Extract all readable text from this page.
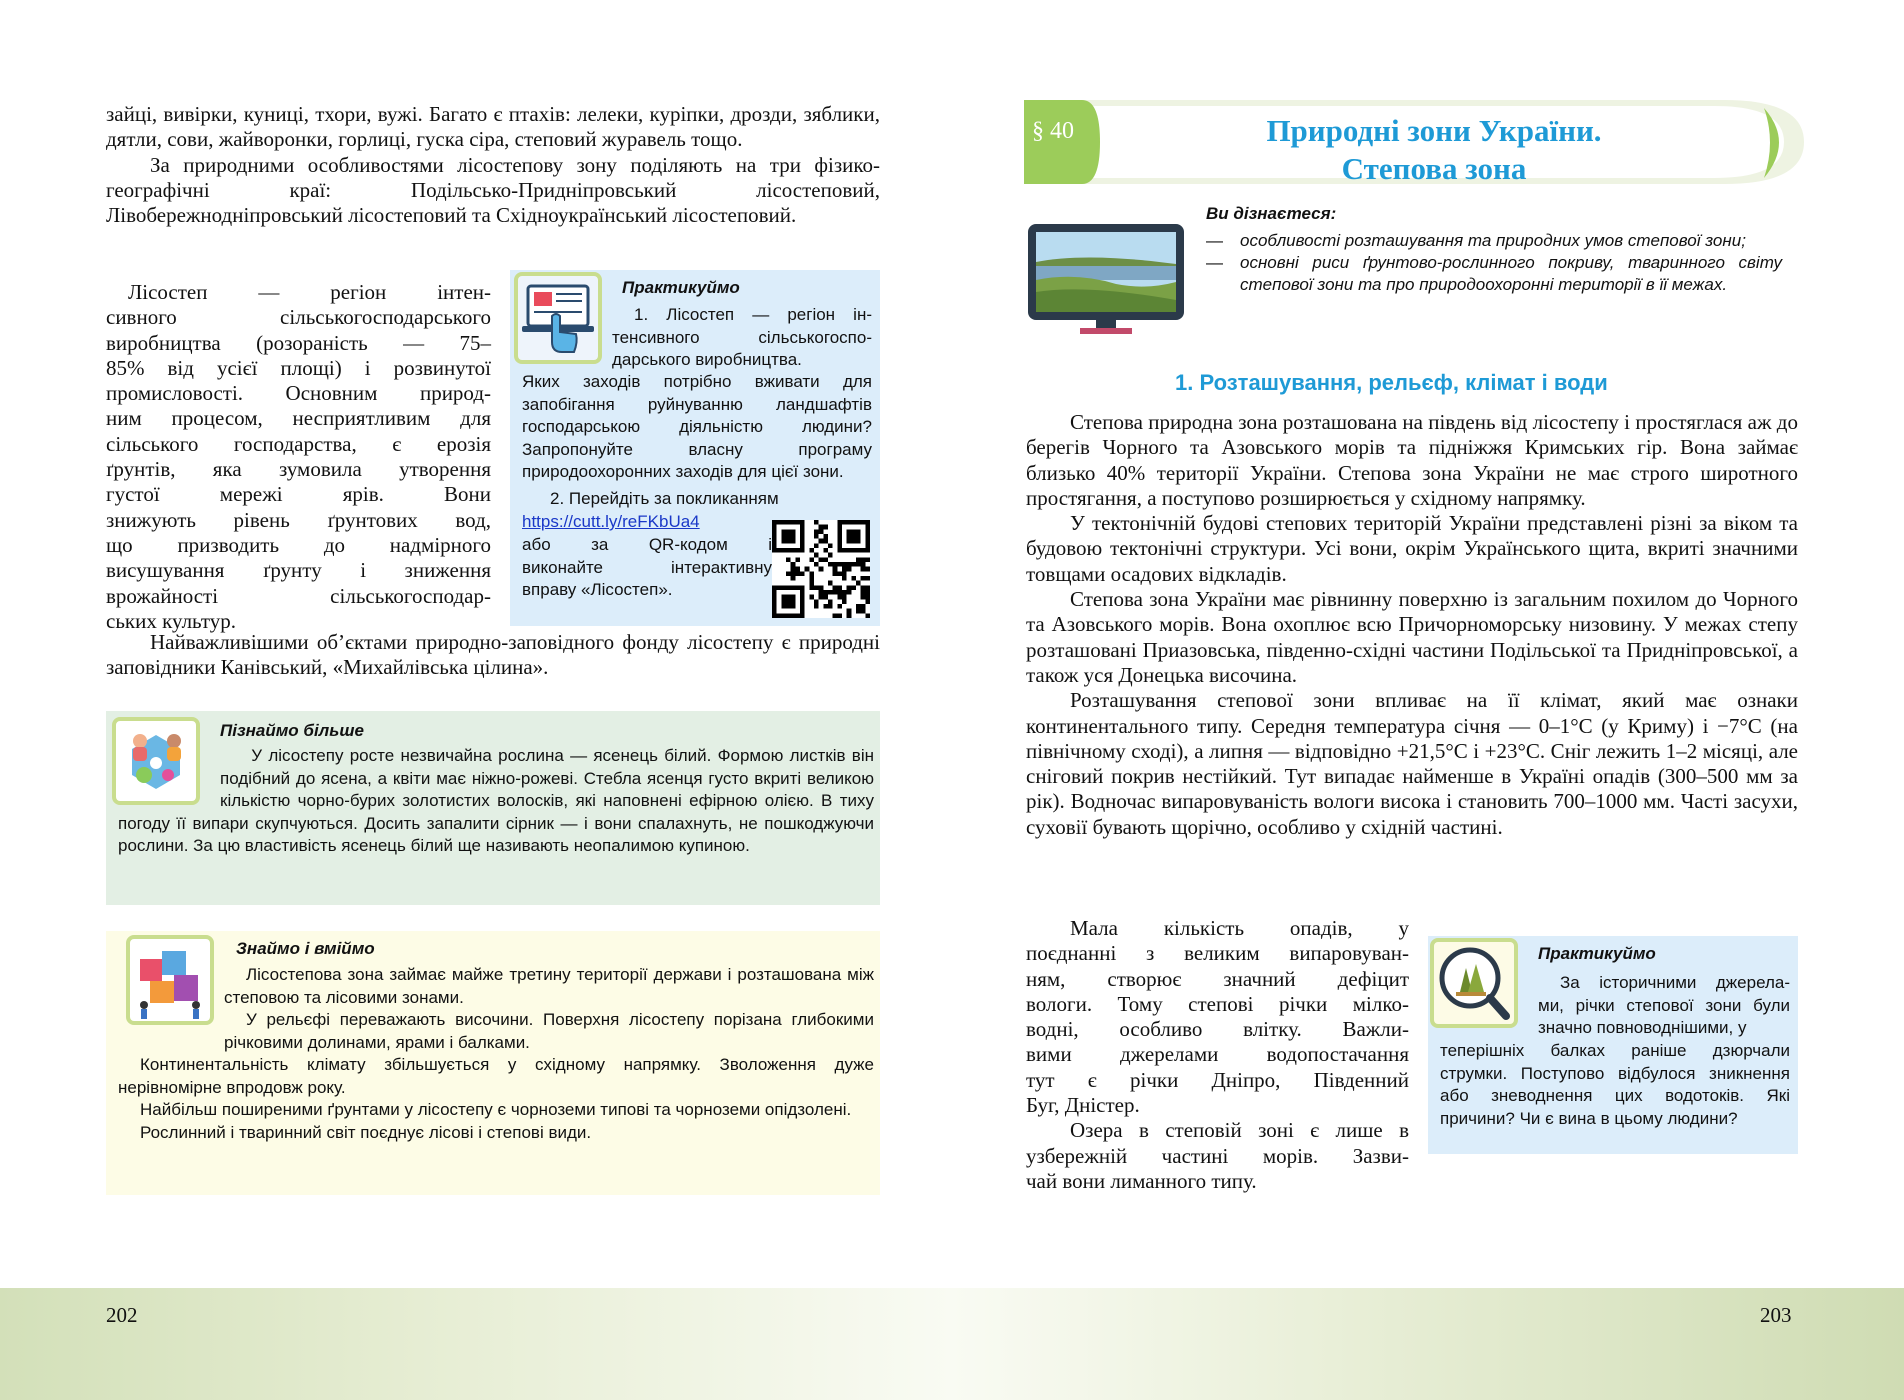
зайці, вивірки, куниці, тхори, вужі. Багато є птахів: лелеки, куріпки, дрозди, зяблики, дятли, сови, жайворонки, горлиці, гуска сіра, степовий журавель тощо.

За природними особливостями лісостепову зону поділяють на три фізико-географічні краї: Подільсько-Придніпровський лісостеповий, Лівобережнодніпровський лісостеповий та Східноукраїнський лісостеповий.

Лісостеп — регіон інтен-
сивного сільськогосподарського
виробництва (розораність — 75–
85% від усієї площі) і розвинутої
промисловості. Основним природ-
ним процесом, несприятливим для
сільського господарства, є ерозія
ґрунтів, яка зумовила утворення
густої мережі ярів. Вони
знижують рівень ґрунтових вод,
що призводить до надмірного
висушування ґрунту і зниження
врожайності сільськогосподар-
ських культур.
Найважливішими об’єктами природно-заповідного фонду лісостепу є природні заповідники Канівський, «Михайлівська цілина».
Практикуймо
1. Лісостеп — регіон ін-
тенсивного сільськогоспо-
дарського виробництва.
Яких заходів потрібно вживати для запобігання руйнуванню ландшафтів господарською діяльністю людини? Запропонуйте власну програму природоохоронних заходів для цієї зони.
2. Перейдіть за покликанням
https://cutt.ly/reFKbUa4
або за QR-кодом і
виконайте інтерактивну
вправу «Лісостеп».
Пізнаймо більше
У лісостепу росте незвичайна рослина — ясенець білий. Формою листків він подібний до ясена, а квіти має ніжно-рожеві. Стебла ясенця густо вкриті великою кількістю чорно-бурих золотистих волосків, які наповнені ефірною олією. В тиху погоду її випари скупчуються. Досить запалити сірник — і вони спалахнуть, не пошкоджуючи рослини. За цю властивість ясенець білий ще називають неопалимою купиною.
Знаймо і вміймо
Лісостепова зона займає майже третину території держави і розташована між степовою та лісовими зонами.
У рельєфі переважають височини. Поверхня лісостепу порізана глибокими річковими долинами, ярами і балками.
Континентальність клімату збільшується у східному напрямку. Зволоження дуже нерівномірне впродовж року.
Найбільш поширеними ґрунтами у лісостепу є чорноземи типові та чорноземи опідзолені.
Рослинний і тваринний світ поєднує лісові і степові види.
§ 40	Природні зони України.
Степова зона
Ви дізнаєтеся:
—	особливості розташування та природних умов степової зони;
—	основні риси ґрунтово-рослинного покриву, тваринного світу степової зони та про природоохоронні території в її межах.
1. Розташування, рельєф, клімат і води

Степова природна зона розташована на південь від лісостепу і простяглася аж до берегів Чорного та Азовського морів та підніжжя Кримських гір. Вона займає близько 40% території України. Степова зона України не має строго широтного простягання, а поступово розширюється у східному напрямку.

У тектонічній будові степових територій України представлені різні за віком та будовою тектонічні структури. Усі вони, окрім Українського щита, вкриті значними товщами осадових відкладів.

Степова зона України має рівнинну поверхню із загальним похилом до Чорного та Азовського морів. Вона охоплює всю Причорноморську низовину. У межах степу розташовані Приазовська, південно-східні частини Подільської та Придніпровської, а також уся Донецька височина.

Розташування степової зони впливає на її клімат, який має ознаки континентального типу. Середня температура січня — 0–1°С (у Криму) і −7°С (на північному сході), а липня — відповідно +21,5°С і +23°С. Сніг лежить 1–2 місяці, але сніговий покрив нестійкий. Тут випадає найменше в Україні опадів (300–500 мм за рік). Водночас випаровуваність вологи висока і становить 700–1000 мм. Часті засухи, суховії бувають щорічно, особливо у східній частині.

Мала кількість опадів, у
поєднанні з великим випаровуван-
ням, створює значний дефіцит
вологи. Тому степові річки мілко-
водні, особливо влітку. Важли-
вими джерелами водопостачання
тут є річки Дніпро, Південний
Буг, Дністер.
Озера в степовій зоні є лише в
узбережній частині морів. Зазви-
чай вони лиманного типу.
Практикуймо
За історичними джерела-
ми, річки степової зони були
значно повноводнішими, у
теперішніх балках раніше дзюрчали струмки. Поступово відбулося зникнення або зневоднення цих водотоків. Які причини? Чи є вина в цьому людини?
202	203
